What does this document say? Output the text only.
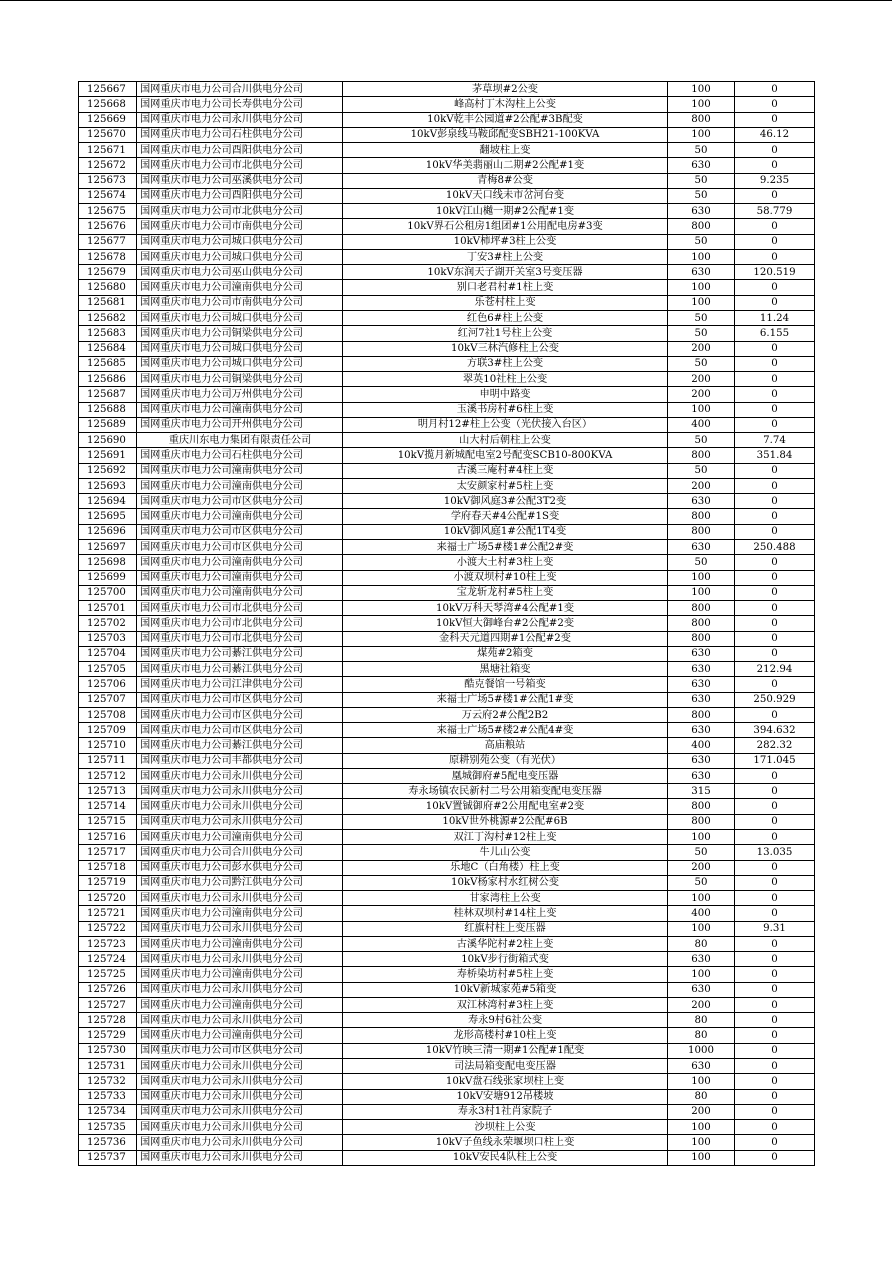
125667	国网重庆市电力公司合川供电分公司	茅草坝#2公变	100	0
125668	国网重庆市电力公司长寿供电分公司	峰高村丁木沟柱上公变	100	0
125669	国网重庆市电力公司永川供电分公司	10kV乾丰公园道#2公配#3B配变	800	0
125670	国网重庆市电力公司石柱供电分公司	10kV彭泉线马鞍邱配变SBH21-100KVA	100	46.12
125671	国网重庆市电力公司酉阳供电分公司	翻坡柱上变	50	0
125672	国网重庆市电力公司市北供电分公司	10kV华美翡丽山二期#2公配#1变	630	0
125673	国网重庆市电力公司巫溪供电分公司	青梅8#公变	50	9.235
125674	国网重庆市电力公司酉阳供电分公司	10kV天口线未市岔河台变	50	0
125675	国网重庆市电力公司市北供电分公司	10kV江山樾一期#2公配#1变	630	58.779
125676	国网重庆市电力公司市南供电分公司	10kV界石公租房1组团#1公用配电房#3变	800	0
125677	国网重庆市电力公司城口供电分公司	10kV柿坪#3柱上公变	50	0
125678	国网重庆市电力公司城口供电分公司	丁安3#柱上公变	100	0
125679	国网重庆市电力公司巫山供电分公司	10kV东润天子湖开关室3号变压器	630	120.519
125680	国网重庆市电力公司潼南供电分公司	别口老君村#1柱上变	100	0
125681	国网重庆市电力公司市南供电分公司	乐苍村柱上变	100	0
125682	国网重庆市电力公司城口供电分公司	红色6#柱上公变	50	11.24
125683	国网重庆市电力公司铜梁供电分公司	红河7社1号柱上公变	50	6.155
125684	国网重庆市电力公司城口供电分公司	10kV三林汽修柱上公变	200	0
125685	国网重庆市电力公司城口供电分公司	方联3#柱上公变	50	0
125686	国网重庆市电力公司铜梁供电分公司	翠英10社柱上公变	200	0
125687	国网重庆市电力公司万州供电分公司	申明中路变	200	0
125688	国网重庆市电力公司潼南供电分公司	玉溪书房村#6柱上变	100	0
125689	国网重庆市电力公司开州供电分公司	明月村12#柱上公变（光伏接入台区）	400	0
125690	重庆川东电力集团有限责任公司	山大村后朝柱上公变	50	7.74
125691	国网重庆市电力公司石柱供电分公司	10kV揽月新城配电室2号配变SCB10-800KVA	800	351.84
125692	国网重庆市电力公司潼南供电分公司	古溪三庵村#4柱上变	50	0
125693	国网重庆市电力公司潼南供电分公司	太安颜家村#5柱上变	200	0
125694	国网重庆市电力公司市区供电分公司	10kV御风庭3#公配3T2变	630	0
125695	国网重庆市电力公司潼南供电分公司	学府春天#4公配#1S变	800	0
125696	国网重庆市电力公司市区供电分公司	10kV御风庭1#公配1T4变	800	0
125697	国网重庆市电力公司市区供电分公司	来福士广场5#楼1#公配2#变	630	250.488
125698	国网重庆市电力公司潼南供电分公司	小渡大土村#3柱上变	50	0
125699	国网重庆市电力公司潼南供电分公司	小渡双坝村#10柱上变	100	0
125700	国网重庆市电力公司潼南供电分公司	宝龙斩龙村#5柱上变	100	0
125701	国网重庆市电力公司市北供电分公司	10kV万科天琴湾#4公配#1变	800	0
125702	国网重庆市电力公司市北供电分公司	10kV恒大御峰台#2公配#2变	800	0
125703	国网重庆市电力公司市北供电分公司	金科天元道四期#1公配#2变	800	0
125704	国网重庆市电力公司綦江供电分公司	煤苑#2箱变	630	0
125705	国网重庆市电力公司綦江供电分公司	黑塘社箱变	630	212.94
125706	国网重庆市电力公司江津供电分公司	酷克餐馆一号箱变	630	0
125707	国网重庆市电力公司市区供电分公司	来福士广场5#楼1#公配1#变	630	250.929
125708	国网重庆市电力公司市区供电分公司	万云府2#公配2B2	800	0
125709	国网重庆市电力公司市区供电分公司	来福士广场5#楼2#公配4#变	630	394.632
125710	国网重庆市电力公司綦江供电分公司	高庙粮站	400	282.32
125711	国网重庆市电力公司丰都供电分公司	原耕别苑公变（有光伏）	630	171.045
125712	国网重庆市电力公司永川供电分公司	凰城御府#5配电变压器	630	0
125713	国网重庆市电力公司永川供电分公司	寿永场镇农民新村二号公用箱变配电变压器	315	0
125714	国网重庆市电力公司永川供电分公司	10kV置铖御府#2公用配电室#2变	800	0
125715	国网重庆市电力公司永川供电分公司	10kV世外桃源#2公配#6B	800	0
125716	国网重庆市电力公司潼南供电分公司	双江丁沟村#12柱上变	100	0
125717	国网重庆市电力公司合川供电分公司	牛儿山公变	50	13.035
125718	国网重庆市电力公司彭水供电分公司	乐地C（白角楼）柱上变	200	0
125719	国网重庆市电力公司黔江供电分公司	10kV杨家村水红树公变	50	0
125720	国网重庆市电力公司永川供电分公司	甘家湾柱上公变	100	0
125721	国网重庆市电力公司潼南供电分公司	桂林双坝村#14柱上变	400	0
125722	国网重庆市电力公司永川供电分公司	红旗村柱上变压器	100	9.31
125723	国网重庆市电力公司潼南供电分公司	古溪华陀村#2柱上变	80	0
125724	国网重庆市电力公司永川供电分公司	10kV步行街箱式变	630	0
125725	国网重庆市电力公司潼南供电分公司	寿桥染坊村#5柱上变	100	0
125726	国网重庆市电力公司永川供电分公司	10kV新城家苑#5箱变	630	0
125727	国网重庆市电力公司潼南供电分公司	双江林湾村#3柱上变	200	0
125728	国网重庆市电力公司永川供电分公司	寿永9村6社公变	80	0
125729	国网重庆市电力公司潼南供电分公司	龙形高楼村#10柱上变	80	0
125730	国网重庆市电力公司市区供电分公司	10kV竹映三清一期#1公配#1配变	1000	0
125731	国网重庆市电力公司永川供电分公司	司法局箱变配电变压器	630	0
125732	国网重庆市电力公司永川供电分公司	10kV盘石线张家坝柱上变	100	0
125733	国网重庆市电力公司永川供电分公司	10kV安塘912吊楼坡	80	0
125734	国网重庆市电力公司永川供电分公司	寿永3村1社肖家院子	200	0
125735	国网重庆市电力公司永川供电分公司	沙坝柱上公变	100	0
125736	国网重庆市电力公司永川供电分公司	10kV子鱼线永荣堰坝口柱上变	100	0
125737	国网重庆市电力公司永川供电分公司	10kV安民4队柱上公变	100	0
